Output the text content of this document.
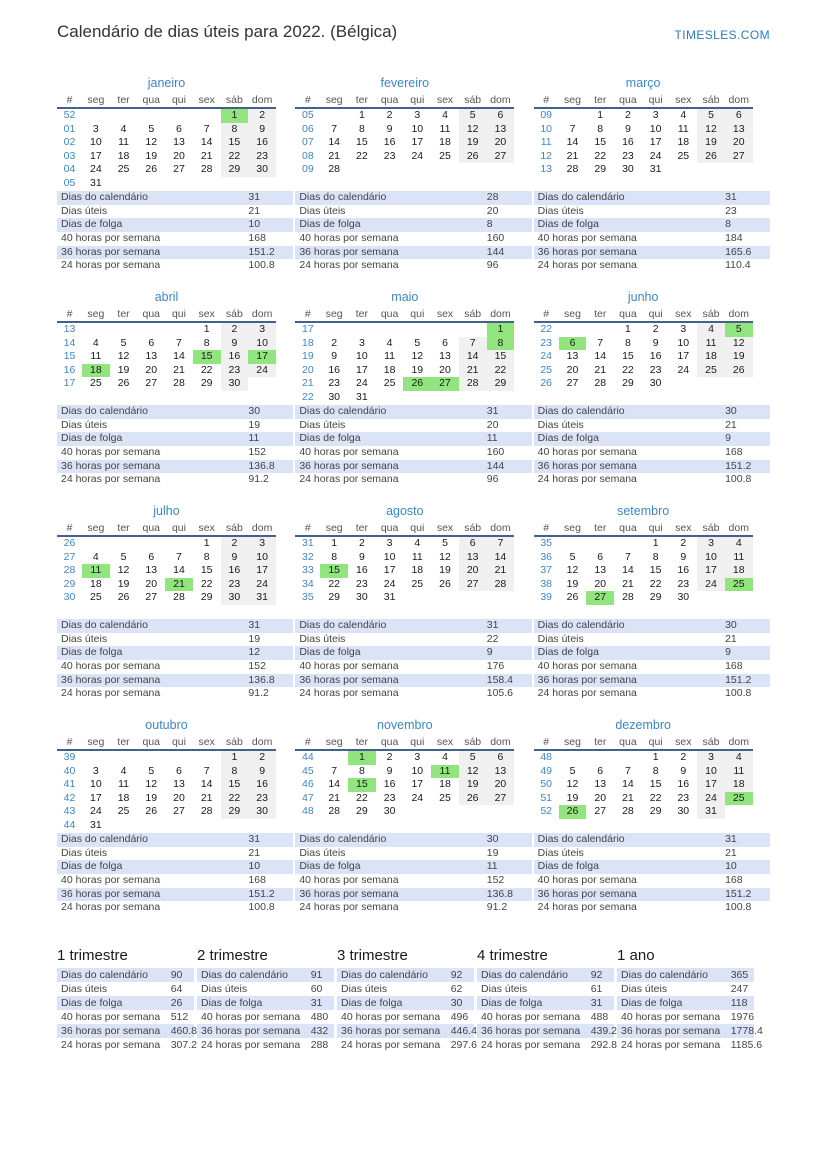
Calendário de dias úteis para 2022. (Bélgica)	TIMESLES.COM
janeiro
#	seg	ter	qua	qui	sex	sáb	dom
52						1	2
01	3	4	5	6	7	8	9
02	10	11	12	13	14	15	16
03	17	18	19	20	21	22	23
04	24	25	26	27	28	29	30
05	31						
Dias do calendário	31
Dias úteis	21
Dias de folga	10
40 horas por semana	168
36 horas por semana	151.2
24 horas por semana	100.8
fevereiro
#	seg	ter	qua	qui	sex	sáb	dom
05		1	2	3	4	5	6
06	7	8	9	10	11	12	13
07	14	15	16	17	18	19	20
08	21	22	23	24	25	26	27
09	28						
Dias do calendário	28
Dias úteis	20
Dias de folga	8
40 horas por semana	160
36 horas por semana	144
24 horas por semana	96
março
#	seg	ter	qua	qui	sex	sáb	dom
09		1	2	3	4	5	6
10	7	8	9	10	11	12	13
11	14	15	16	17	18	19	20
12	21	22	23	24	25	26	27
13	28	29	30	31			
Dias do calendário	31
Dias úteis	23
Dias de folga	8
40 horas por semana	184
36 horas por semana	165.6
24 horas por semana	110.4
abril
#	seg	ter	qua	qui	sex	sáb	dom
13					1	2	3
14	4	5	6	7	8	9	10
15	11	12	13	14	15	16	17
16	18	19	20	21	22	23	24
17	25	26	27	28	29	30	
Dias do calendário	30
Dias úteis	19
Dias de folga	11
40 horas por semana	152
36 horas por semana	136.8
24 horas por semana	91.2
maio
#	seg	ter	qua	qui	sex	sáb	dom
17							1
18	2	3	4	5	6	7	8
19	9	10	11	12	13	14	15
20	16	17	18	19	20	21	22
21	23	24	25	26	27	28	29
22	30	31					
Dias do calendário	31
Dias úteis	20
Dias de folga	11
40 horas por semana	160
36 horas por semana	144
24 horas por semana	96
junho
#	seg	ter	qua	qui	sex	sáb	dom
22			1	2	3	4	5
23	6	7	8	9	10	11	12
24	13	14	15	16	17	18	19
25	20	21	22	23	24	25	26
26	27	28	29	30			
Dias do calendário	30
Dias úteis	21
Dias de folga	9
40 horas por semana	168
36 horas por semana	151.2
24 horas por semana	100.8
julho
#	seg	ter	qua	qui	sex	sáb	dom
26					1	2	3
27	4	5	6	7	8	9	10
28	11	12	13	14	15	16	17
29	18	19	20	21	22	23	24
30	25	26	27	28	29	30	31
Dias do calendário	31
Dias úteis	19
Dias de folga	12
40 horas por semana	152
36 horas por semana	136.8
24 horas por semana	91.2
agosto
#	seg	ter	qua	qui	sex	sáb	dom
31	1	2	3	4	5	6	7
32	8	9	10	11	12	13	14
33	15	16	17	18	19	20	21
34	22	23	24	25	26	27	28
35	29	30	31				
Dias do calendário	31
Dias úteis	22
Dias de folga	9
40 horas por semana	176
36 horas por semana	158.4
24 horas por semana	105.6
setembro
#	seg	ter	qua	qui	sex	sáb	dom
35				1	2	3	4
36	5	6	7	8	9	10	11
37	12	13	14	15	16	17	18
38	19	20	21	22	23	24	25
39	26	27	28	29	30		
Dias do calendário	30
Dias úteis	21
Dias de folga	9
40 horas por semana	168
36 horas por semana	151.2
24 horas por semana	100.8
outubro
#	seg	ter	qua	qui	sex	sáb	dom
39						1	2
40	3	4	5	6	7	8	9
41	10	11	12	13	14	15	16
42	17	18	19	20	21	22	23
43	24	25	26	27	28	29	30
44	31						
Dias do calendário	31
Dias úteis	21
Dias de folga	10
40 horas por semana	168
36 horas por semana	151.2
24 horas por semana	100.8
novembro
#	seg	ter	qua	qui	sex	sáb	dom
44		1	2	3	4	5	6
45	7	8	9	10	11	12	13
46	14	15	16	17	18	19	20
47	21	22	23	24	25	26	27
48	28	29	30				
Dias do calendário	30
Dias úteis	19
Dias de folga	11
40 horas por semana	152
36 horas por semana	136.8
24 horas por semana	91.2
dezembro
#	seg	ter	qua	qui	sex	sáb	dom
48				1	2	3	4
49	5	6	7	8	9	10	11
50	12	13	14	15	16	17	18
51	19	20	21	22	23	24	25
52	26	27	28	29	30	31	
Dias do calendário	31
Dias úteis	21
Dias de folga	10
40 horas por semana	168
36 horas por semana	151.2
24 horas por semana	100.8
1 trimestre
Dias do calendário 90
Dias úteis	64
Dias de folga	26
40 horas por semana 512
36 horas por semana 460.8
24 horas por semana 307.2
2 trimestre
Dias do calendário 91
Dias úteis	60
Dias de folga	31
40 horas por semana 480
36 horas por semana 432
24 horas por semana 288
3 trimestre
Dias do calendário 92
Dias úteis	62
Dias de folga	30
40 horas por semana 496
36 horas por semana 446.4
24 horas por semana 297.6
4 trimestre
Dias do calendário 92
Dias úteis	61
Dias de folga	31
40 horas por semana 488
36 horas por semana 439.2
24 horas por semana 292.8
1 ano
Dias do calendário 365
Dias úteis	247
Dias de folga	118
40 horas por semana 1976
36 horas por semana 1778.4
24 horas por semana 1185.6
